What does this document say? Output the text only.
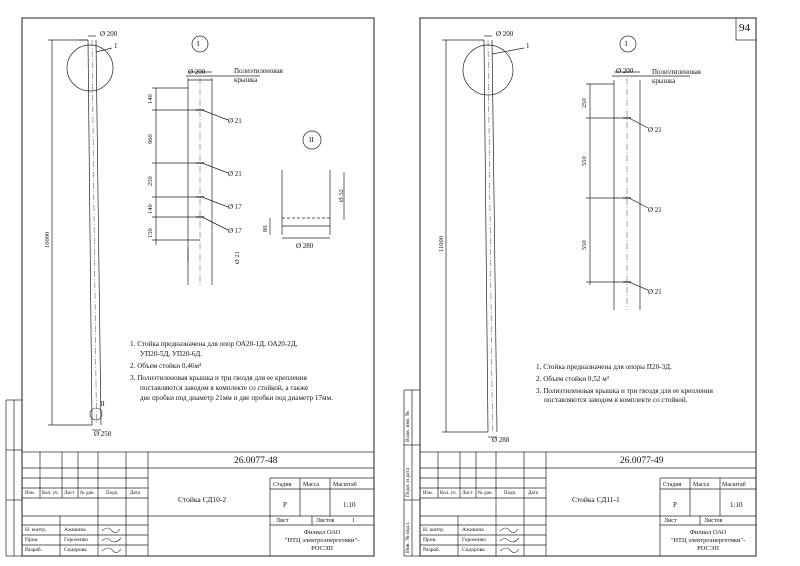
Ø 200
1
Ø 250
II
10000
I
Ø 200	Полиэтиленовая
крышка
140
960
250
140
150
Ø 21
Ø 21
Ø 17
Ø 17
Ø 21
II
80
Ø 280
Ø 32
1. Стойка предназначена для опор ОА20-1Д, ОА20-2Д,
УП20-5Д, УП20-6Д.
2. Объем стойки 0,46м³
3. Полиэтиленовая крышка и три гвоздя для ее крепления
поставляются заводом в комплекте со стойкой, а также
две пробки под диаметр 21мм и две пробки под диаметр 17мм.
26.0077-48
Стойка СД10-2
Стадия Масса Масштаб
Р	1:10
Лист	Листов	1
Филиал ОАО
"НТЦ электроэнергетики"-
РОСЭП
Изм. Кол. уч. Лист № док. Подп. Дата
Н. контр.	Ажикина
Пров.	Горохенко
Разраб.	Сидорова
94
Ø 200
1
Ø 288
11000
I
Ø 200	Полиэтиленовая
крышка
250
550
550
Ø 21
Ø 21
Ø 21
1. Стойка предназначена для опоры П20-3Д.
2. Объем стойки 0,52 м³
3. Полиэтиленовая крышка и три гвоздя для ее крепления
поставляются заводом в комплекте со стойкой.
26.0077-49
Стойка СД11-1
Стадия Масса Масштаб
Р	1:10
Лист	Листов
Филиал ОАО
"НТЦ электроэнергетики"-
РОСЭП
Изм. Кол. уч. Лист № док. Подп. Дата
Н. контр.	Ажикина
Пров.	Горохенко
Разраб.	Сидорова
Инв. № подл.
Подп. и дата
Взам. инв. №
